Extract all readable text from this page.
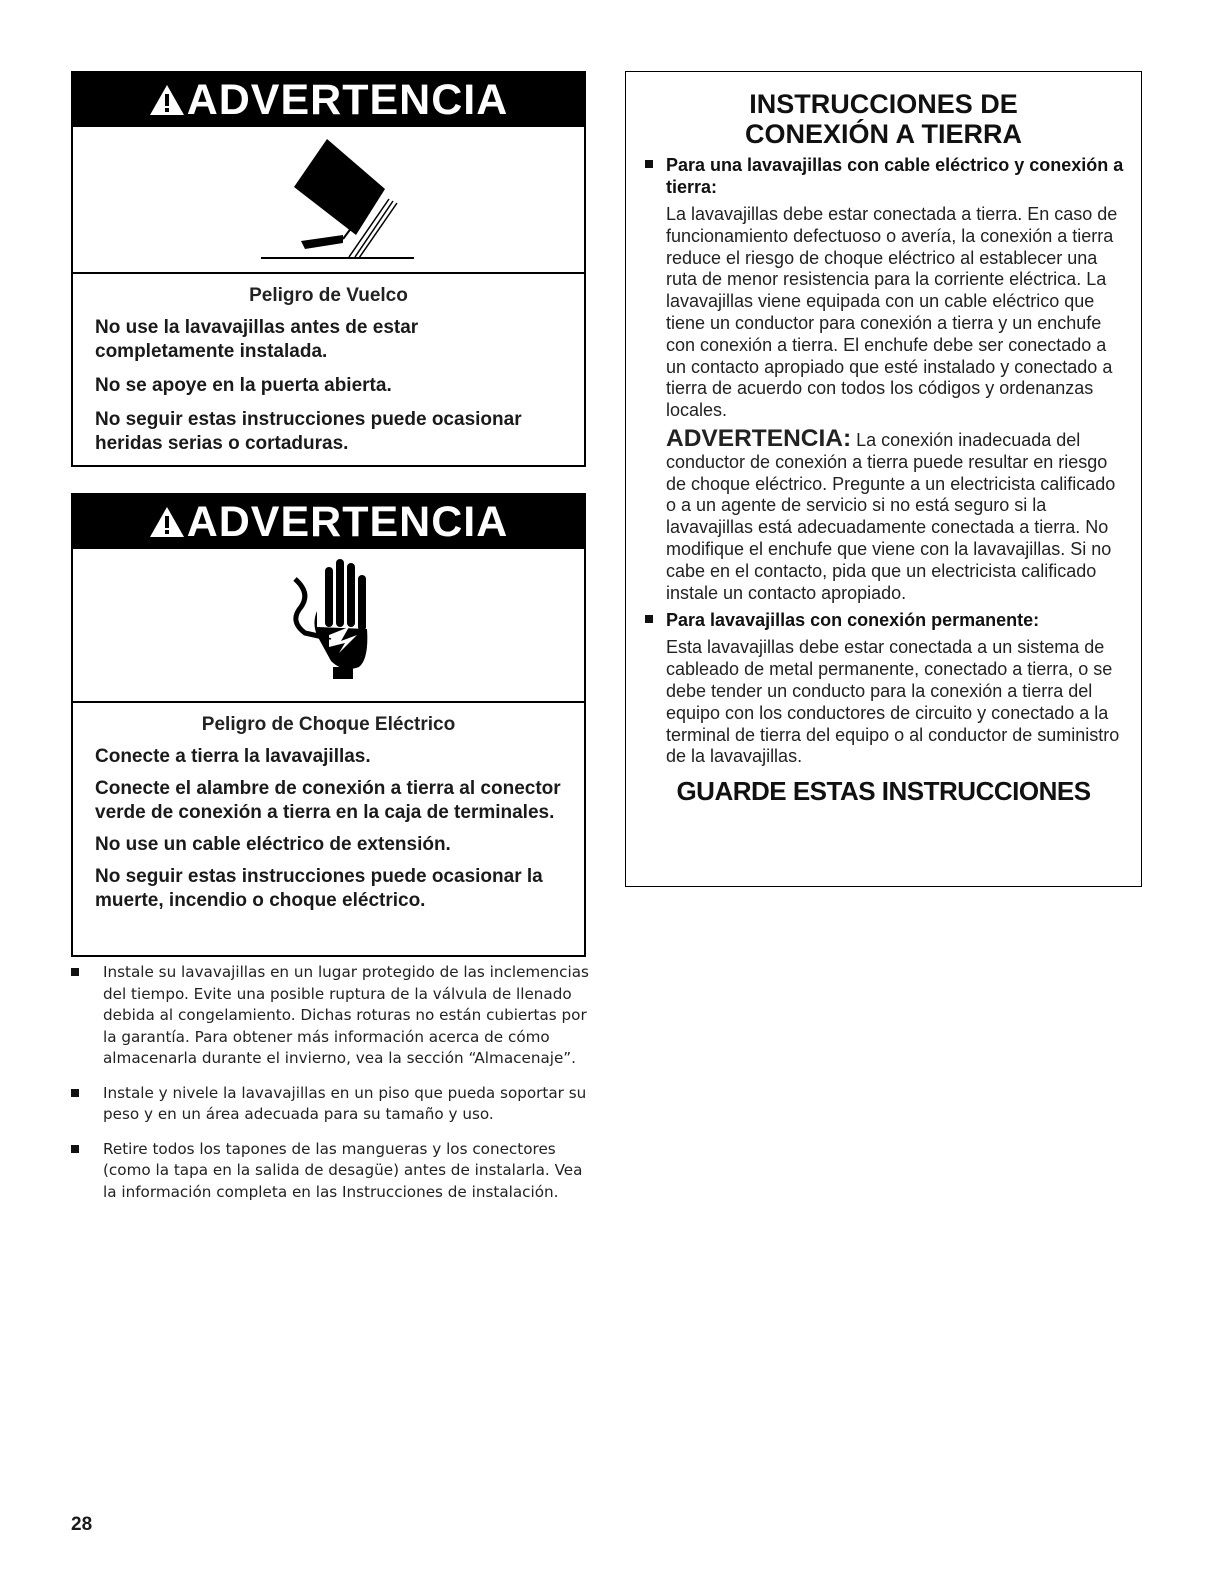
ADVERTENCIA
Peligro de Vuelco

No use la lavavajillas antes de estar completamente instalada.

No se apoye en la puerta abierta.

No seguir estas instrucciones puede ocasionar heridas serias o cortaduras.

ADVERTENCIA
Peligro de Choque Eléctrico

Conecte a tierra la lavavajillas.

Conecte el alambre de conexión a tierra al conector verde de conexión a tierra en la caja de terminales.

No use un cable eléctrico de extensión.

No seguir estas instrucciones puede ocasionar la muerte, incendio o choque eléctrico.

Instale su lavavajillas en un lugar protegido de las inclemencias del tiempo. Evite una posible ruptura de la válvula de llenado debida al congelamiento. Dichas roturas no están cubiertas por la garantía. Para obtener más información acerca de cómo almacenarla durante el invierno, vea la sección “Almacenaje”.
Instale y nivele la lavavajillas en un piso que pueda soportar su peso y en un área adecuada para su tamaño y uso.
Retire todos los tapones de las mangueras y los conectores (como la tapa en la salida de desagüe) antes de instalarla. Vea la información completa en las Instrucciones de instalación.
INSTRUCCIONES DE
CONEXIÓN A TIERRA
Para una lavavajillas con cable eléctrico y conexión a tierra:

La lavavajillas debe estar conectada a tierra. En caso de funcionamiento defectuoso o avería, la conexión a tierra reduce el riesgo de choque eléctrico al establecer una ruta de menor resistencia para la corriente eléctrica. La lavavajillas viene equipada con un cable eléctrico que tiene un conductor para conexión a tierra y un enchufe con conexión a tierra. El enchufe debe ser conectado a un contacto apropiado que esté instalado y conectado a tierra de acuerdo con todos los códigos y ordenanzas locales.

ADVERTENCIA: La conexión inadecuada del conductor de conexión a tierra puede resultar en riesgo de choque eléctrico. Pregunte a un electricista calificado o a un agente de servicio si no está seguro si la lavavajillas está adecuadamente conectada a tierra. No modifique el enchufe que viene con la lavavajillas. Si no cabe en el contacto, pida que un electricista calificado instale un contacto apropiado.

Para lavavajillas con conexión permanente:

Esta lavavajillas debe estar conectada a un sistema de cableado de metal permanente, conectado a tierra, o se debe tender un conducto para la conexión a tierra del equipo con los conductores de circuito y conectado a la terminal de tierra del equipo o al conductor de suministro de la lavavajillas.

GUARDE ESTAS INSTRUCCIONES
28
